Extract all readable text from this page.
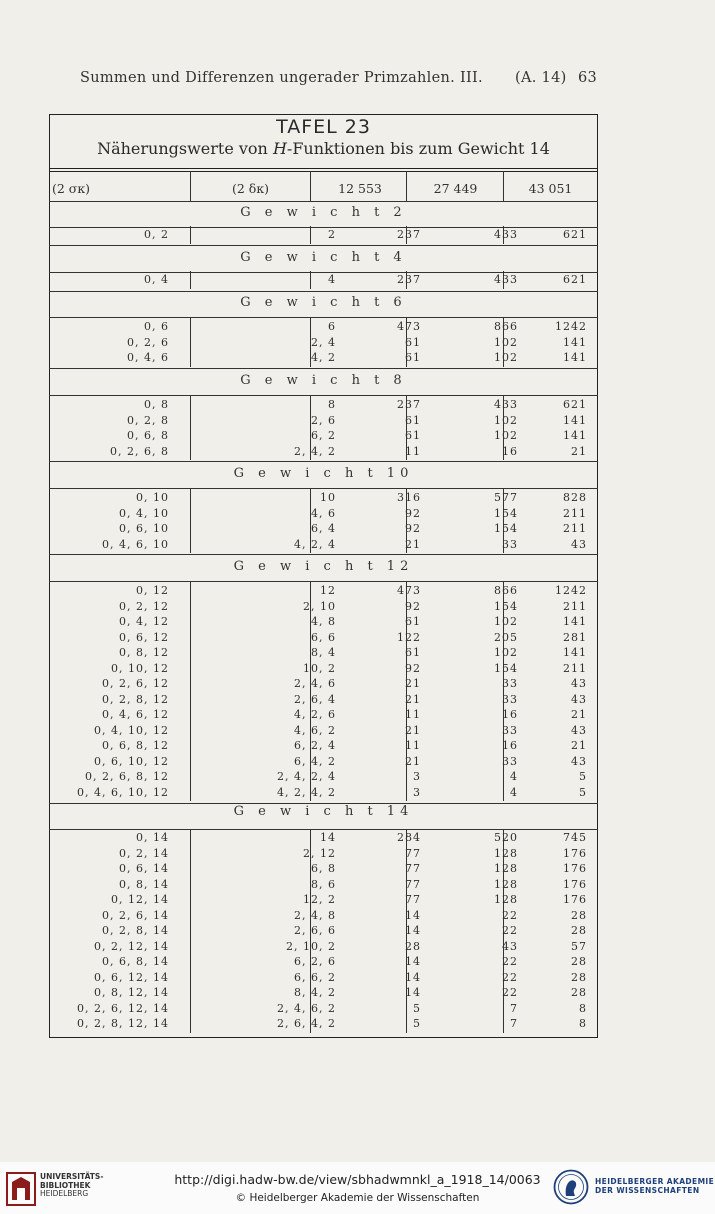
Summen und Differenzen ungerader Primzahlen. III. (A. 14) 63
TAFEL 23
Näherungswerte von H-Funktionen bis zum Gewicht 14
(2 σκ)	(2 δκ)	12 553	27 449	43 051
G e w i c h t 2
0, 2	2	237	433	621
G e w i c h t 4
0, 4	4	237	433	621
G e w i c h t 6
0, 6	6	473	866	1242
0, 2, 6	2, 4	61	102	141
0, 4, 6	4, 2	61	102	141
G e w i c h t 8
0, 8	8	237	433	621
0, 2, 8	2, 6	61	102	141
0, 6, 8	6, 2	61	102	141
0, 2, 6, 8	2, 4, 2	11	16	21
G e w i c h t 10
0, 10	10	316	577	828
0, 4, 10	4, 6	92	154	211
0, 6, 10	6, 4	92	154	211
0, 4, 6, 10	4, 2, 4	21	33	43
G e w i c h t 12
0, 12	12	473	866	1242
0, 2, 12	2, 10	92	154	211
0, 4, 12	4, 8	61	102	141
0, 6, 12	6, 6	122	205	281
0, 8, 12	8, 4	61	102	141
0, 10, 12	10, 2	92	154	211
0, 2, 6, 12	2, 4, 6	21	33	43
0, 2, 8, 12	2, 6, 4	21	33	43
0, 4, 6, 12	4, 2, 6	11	16	21
0, 4, 10, 12	4, 6, 2	21	33	43
0, 6, 8, 12	6, 2, 4	11	16	21
0, 6, 10, 12	6, 4, 2	21	33	43
0, 2, 6, 8, 12	2, 4, 2, 4	3	4	5
0, 4, 6, 10, 12	4, 2, 4, 2	3	4	5
G e w i c h t 14
0, 14	14	284	520	745
0, 2, 14	2, 12	77	128	176
0, 6, 14	6, 8	77	128	176
0, 8, 14	8, 6	77	128	176
0, 12, 14	12, 2	77	128	176
0, 2, 6, 14	2, 4, 8	14	22	28
0, 2, 8, 14	2, 6, 6	14	22	28
0, 2, 12, 14	2, 10, 2	28	43	57
0, 6, 8, 14	6, 2, 6	14	22	28
0, 6, 12, 14	6, 6, 2	14	22	28
0, 8, 12, 14	8, 4, 2	14	22	28
0, 2, 6, 12, 14	2, 4, 6, 2	5	7	8
0, 2, 8, 12, 14	2, 6, 4, 2	5	7	8
UNIVERSITÄTS-
BIBLIOTHEK
HEIDELBERG
http://digi.hadw-bw.de/view/sbhadwmnkl_a_1918_14/0063
© Heidelberger Akademie der Wissenschaften
HEIDELBERGER AKADEMIE
DER WISSENSCHAFTEN
